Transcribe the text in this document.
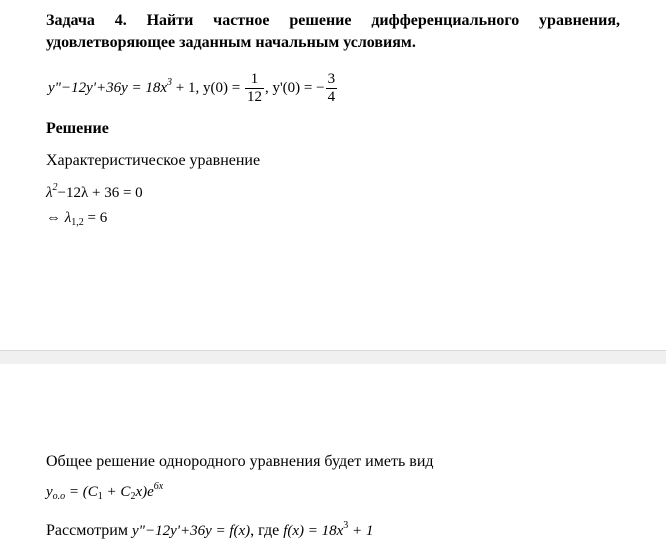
Задача 4. Найти частное решение дифференциального уравнения,
удовлетворяющее заданным начальным условиям.
y"−12y'+36y = $18x^3 + 1$, $y(0) = \frac{1}{12}$ , y'(0) = − $\frac{3}{4}$
Решение
Характеристическое уравнение
$\lambda^2-12\lambda + 36 = 0$
⇔ $\lambda_{1,2} = 6$
Общее решение однородного уравнения будет иметь вид
$y_{o.o} = (C_1 + C_2x)e^{6x}$
Рассмотрим y"−12y'+36y = f(x), где $f(x) = 18x^3 + 1$
